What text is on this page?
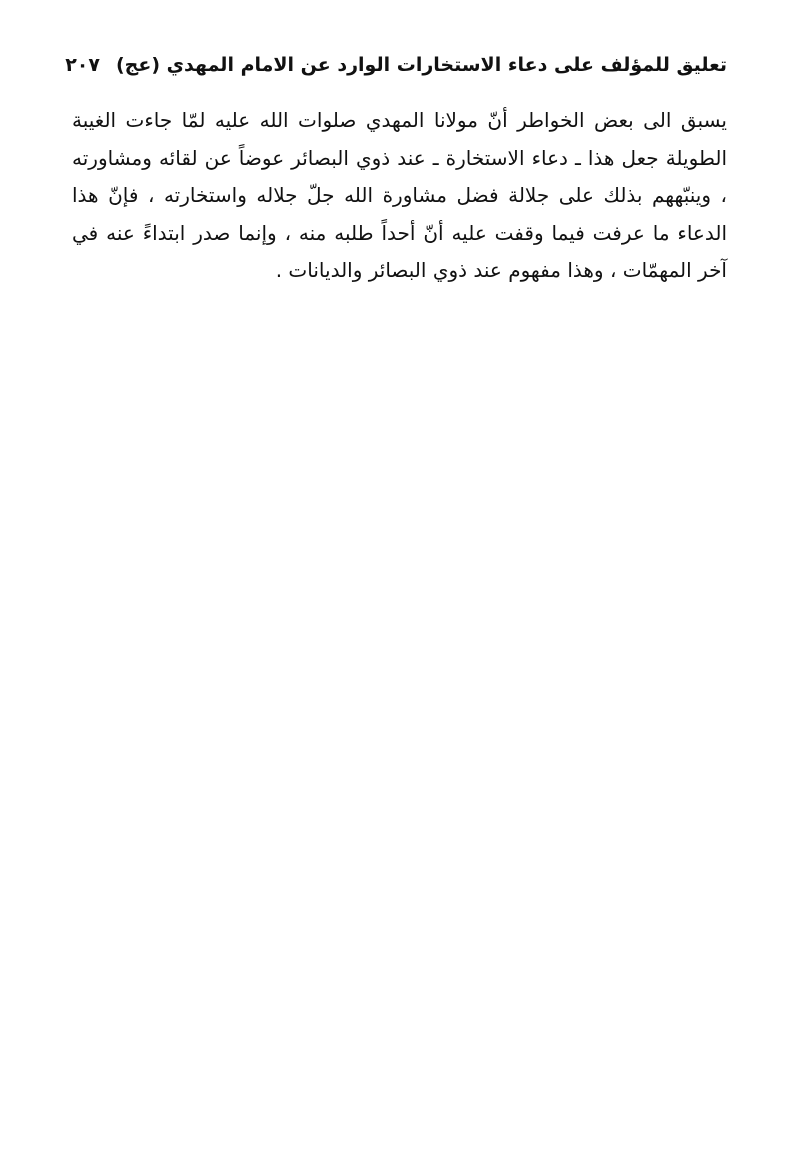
تعليق للمؤلف على دعاء الاستخارات الوارد عن الامام المهدي (عج)
٢٠٧

يسبق الى بعض الخواطر أنّ مولانا المهدي صلوات الله عليه لمّا جاءت الغيبة الطويلة جعل هذا ـ دعاء الاستخارة ـ عند ذوي البصائر عوضاً عن لقائه ومشاورته ، وينبّههم بذلك على جلالة فضل مشاورة الله جلّ جلاله واستخارته ، فإنّ هذا الدعاء ما عرفت فيما وقفت عليه أنّ أحداً طلبه منه ، وإنما صدر ابتداءً عنه في آخر المهمّات ، وهذا مفهوم عند ذوي البصائر والديانات .
